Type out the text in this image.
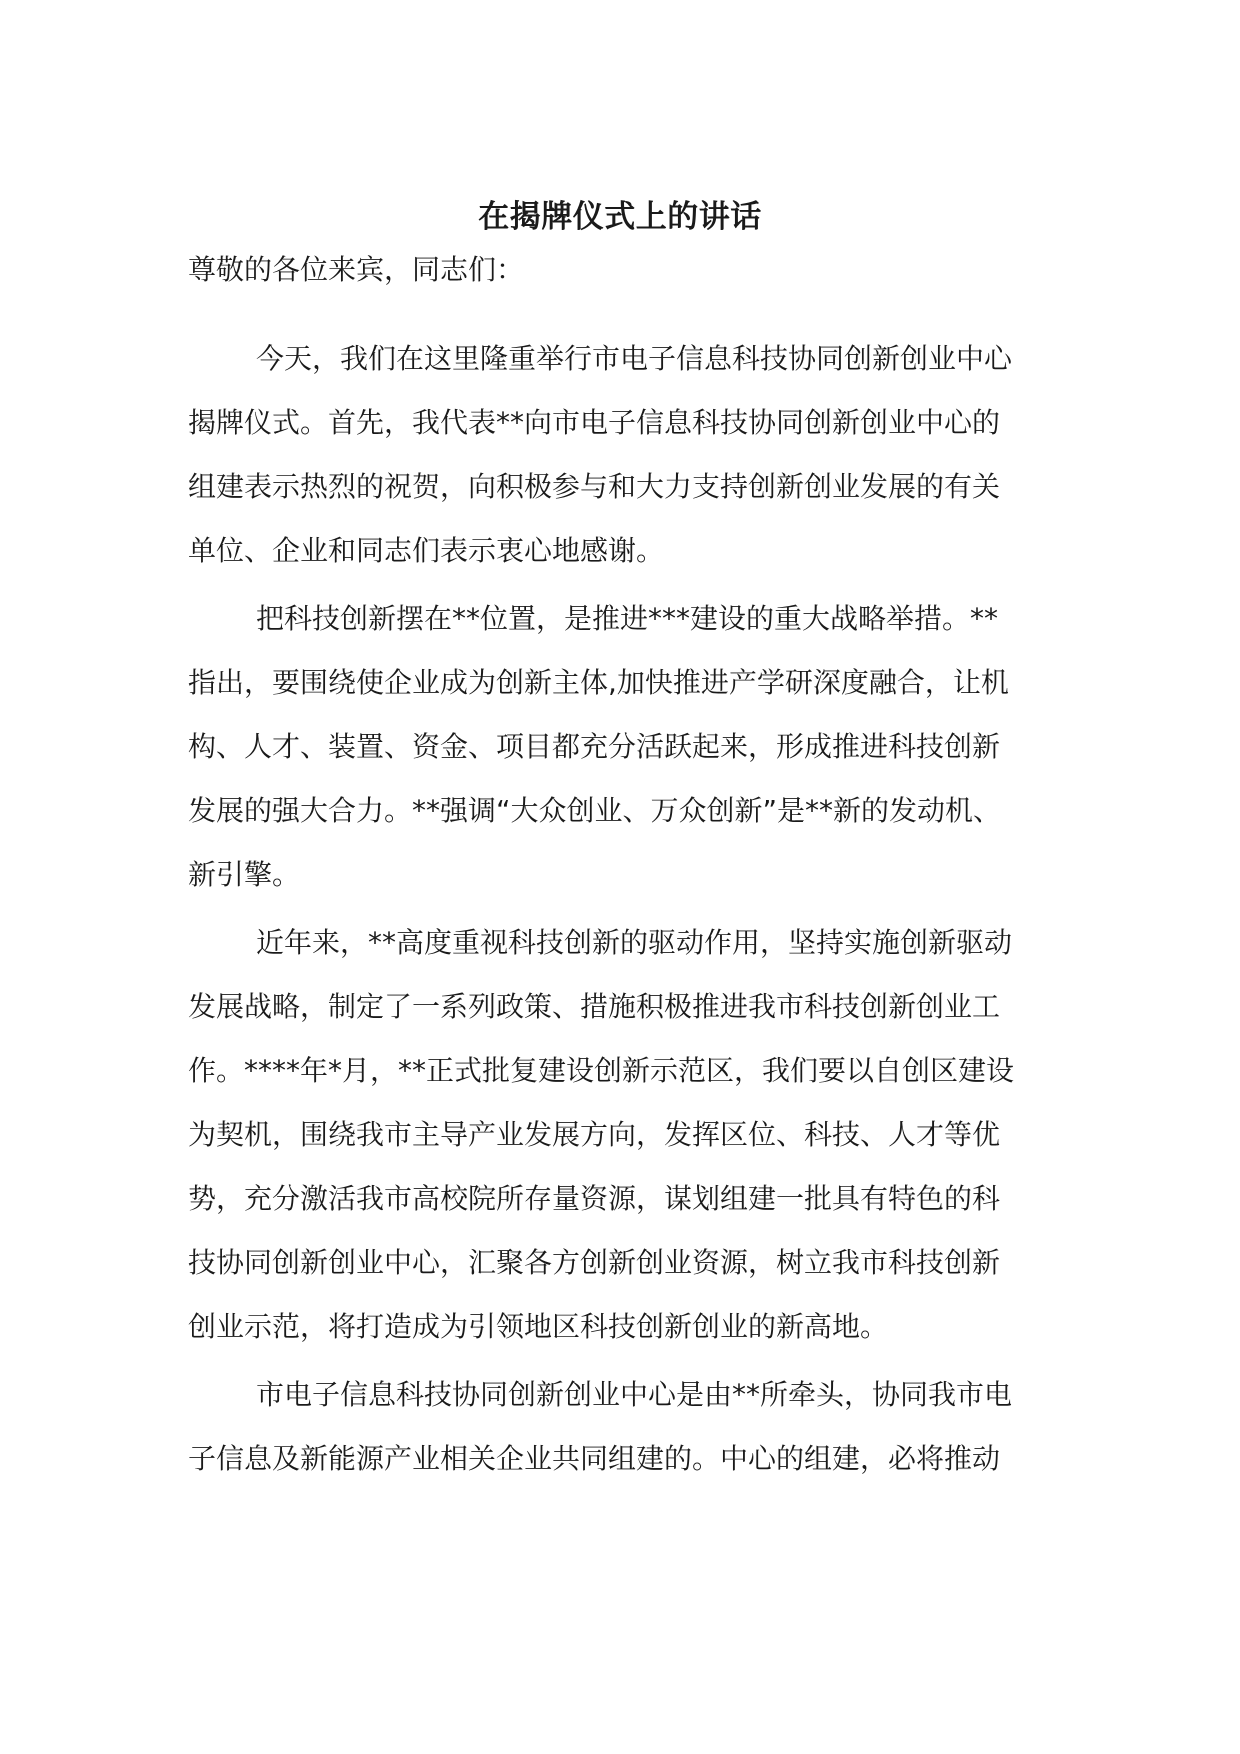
在揭牌仪式上的讲话

尊敬的各位来宾，同志们：

今天，我们在这里隆重举行市电子信息科技协同创新创业中心
揭牌仪式。首先，我代表**向市电子信息科技协同创新创业中心的
组建表示热烈的祝贺，向积极参与和大力支持创新创业发展的有关
单位、企业和同志们表示衷心地感谢。
把科技创新摆在**位置，是推进***建设的重大战略举措。**
指出，要围绕使企业成为创新主体,加快推进产学研深度融合，让机
构、人才、装置、资金、项目都充分活跃起来，形成推进科技创新
发展的强大合力。**强调“大众创业、万众创新”是**新的发动机、
新引擎。
近年来，**高度重视科技创新的驱动作用，坚持实施创新驱动
发展战略，制定了一系列政策、措施积极推进我市科技创新创业工
作。****年*月，**正式批复建设创新示范区，我们要以自创区建设
为契机，围绕我市主导产业发展方向，发挥区位、科技、人才等优
势，充分激活我市高校院所存量资源，谋划组建一批具有特色的科
技协同创新创业中心，汇聚各方创新创业资源，树立我市科技创新
创业示范，将打造成为引领地区科技创新创业的新高地。
市电子信息科技协同创新创业中心是由**所牵头，协同我市电
子信息及新能源产业相关企业共同组建的。中心的组建，必将推动
